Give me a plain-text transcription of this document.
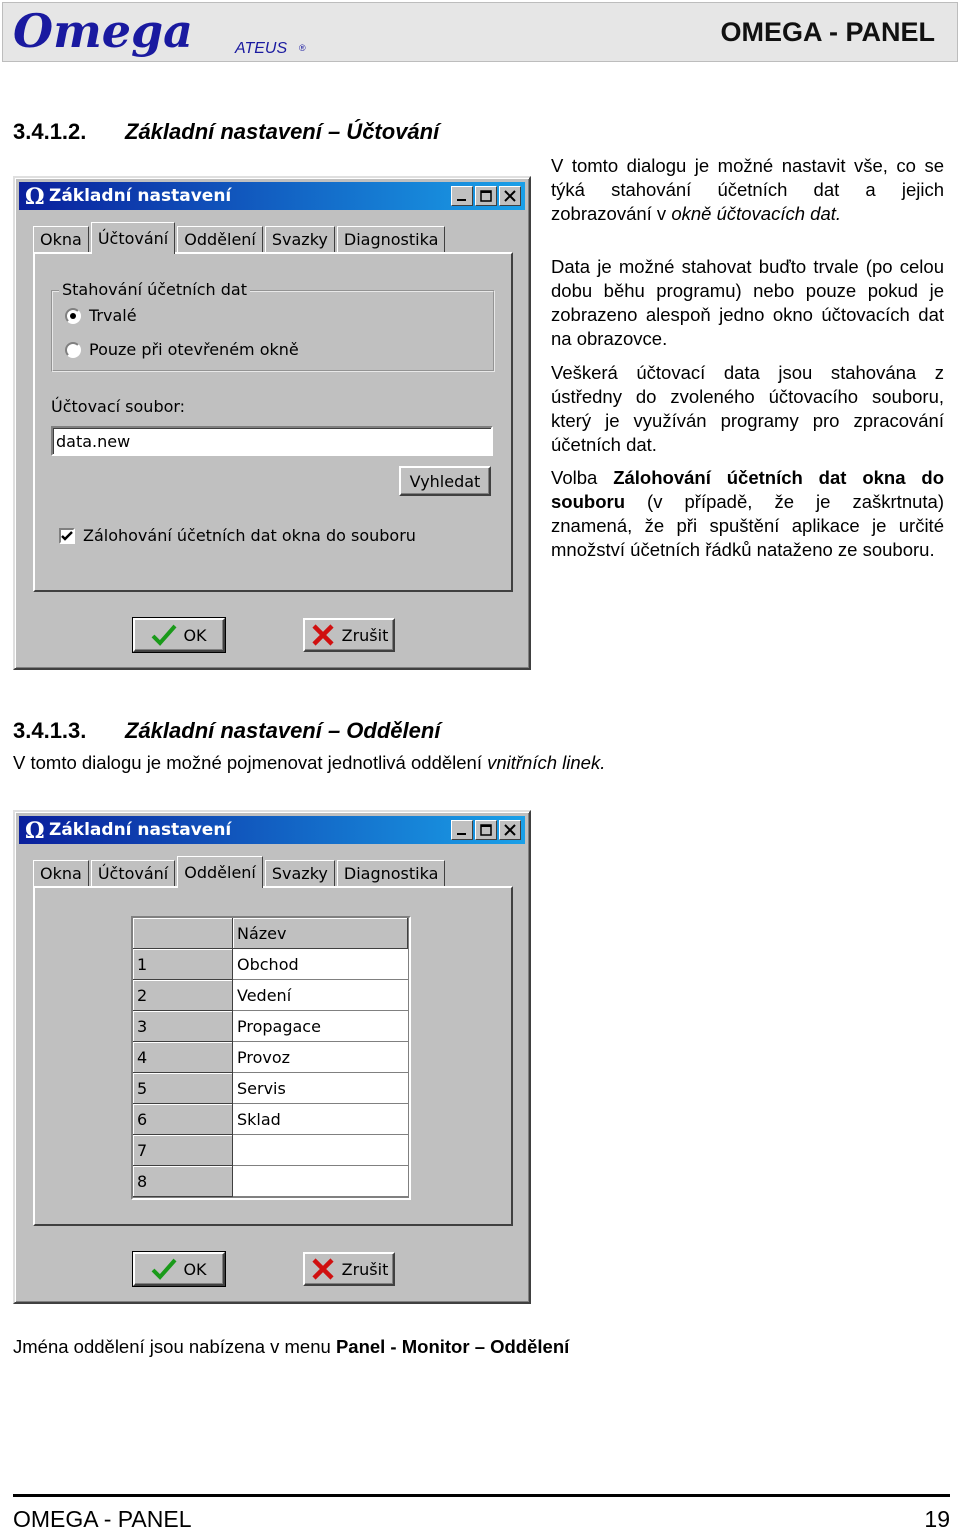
Omega	ATEUS ®
OMEGA - PANEL
3.4.1.2. Základní nastavení – Účtování
Ω Základní nastavení
Okna	Účtování	Oddělení	Svazky	Diagnostika
Stahování účetních dat
Trvalé
Pouze při otevřeném okně
Účtovací soubor:
data.new
Vyhledat
Zálohování účetních dat okna do souboru
OK	Zrušit
V tomto dialogu je možné nastavit vše, co se týká stahování účetních dat a jejich zobrazování v okně účtovacích dat.
Data je možné stahovat buďto trvale (po celou dobu běhu programu) nebo pouze pokud je zobrazeno alespoň jedno okno účtovacích dat na obrazovce.
Veškerá účtovací data jsou stahována z ústředny do zvoleného účtovacího souboru, který je využíván programy pro zpracování účetních dat.
Volba Zálohování účetních dat okna do souboru (v případě, že je zaškrtnuta) znamená, že při spuštění aplikace je určité množství účetních řádků nataženo ze souboru.
3.4.1.3. Základní nastavení – Oddělení
V tomto dialogu je možné pojmenovat jednotlivá oddělení vnitřních linek.
Ω Základní nastavení
Okna	Účtování	Oddělení	Svazky	Diagnostika
Název
1	Obchod
2	Vedení
3	Propagace
4	Provoz
5	Servis
6	Sklad
7
8
OK	Zrušit
Jména oddělení jsou nabízena v menu Panel - Monitor – Oddělení
OMEGA - PANEL	19
